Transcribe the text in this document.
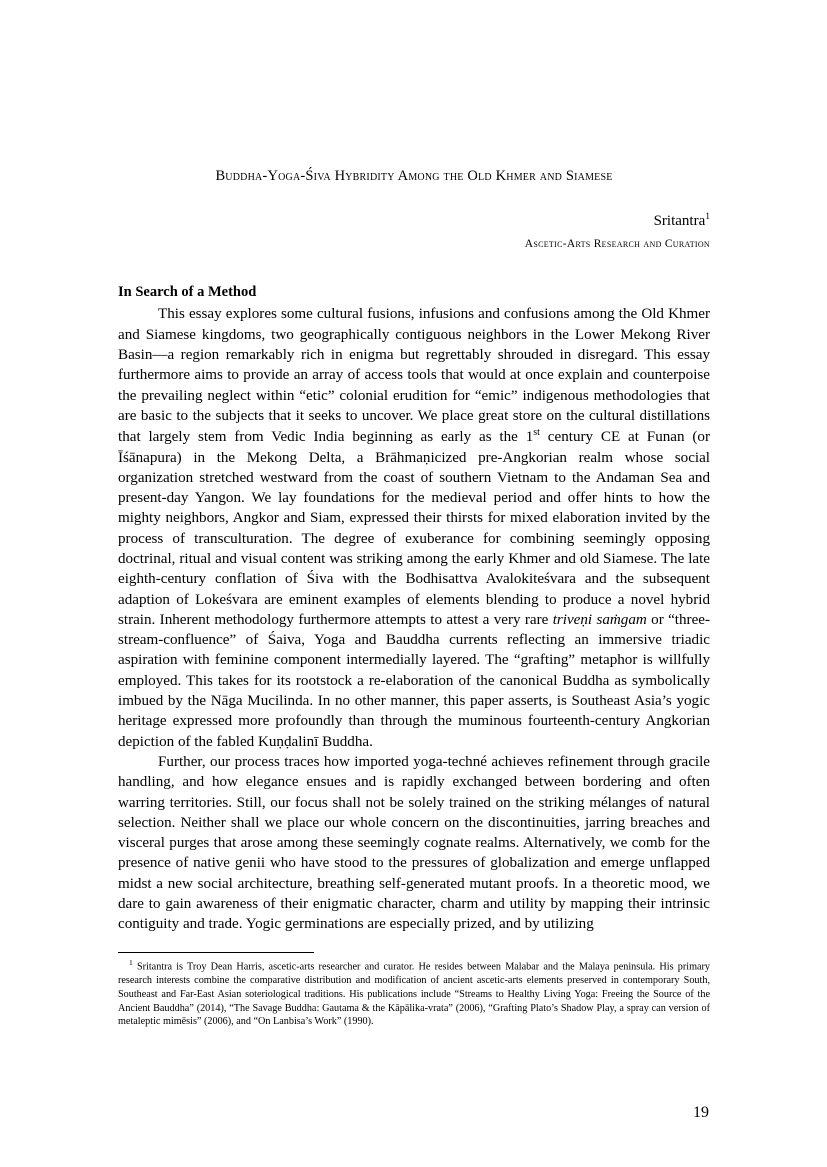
Buddha-Yoga-Śiva Hybridity Among the Old Khmer and Siamese
Sritantra$^1$
Ascetic-Arts Research and Curation
In Search of a Method

This essay explores some cultural fusions, infusions and confusions among the Old Khmer and Siamese kingdoms, two geographically contiguous neighbors in the Lower Mekong River Basin—a region remarkably rich in enigma but regrettably shrouded in disregard. This essay furthermore aims to provide an array of access tools that would at once explain and counterpoise the prevailing neglect within “etic” colonial erudition for “emic” indigenous methodologies that are basic to the subjects that it seeks to uncover. We place great store on the cultural distillations that largely stem from Vedic India beginning as early as the 1st century CE at Funan (or Īśānapura) in the Mekong Delta, a Brāhmaṇicized pre-Angkorian realm whose social organization stretched westward from the coast of southern Vietnam to the Andaman Sea and present-day Yangon. We lay foundations for the medieval period and offer hints to how the mighty neighbors, Angkor and Siam, expressed their thirsts for mixed elaboration invited by the process of transculturation. The degree of exuberance for combining seemingly opposing doctrinal, ritual and visual content was striking among the early Khmer and old Siamese. The late eighth-century conflation of Śiva with the Bodhisattva Avalokiteśvara and the subsequent adaption of Lokeśvara are eminent examples of elements blending to produce a novel hybrid strain. Inherent methodology furthermore attempts to attest a very rare triveṇi saṁgam or “three-stream-confluence” of Śaiva, Yoga and Bauddha currents reflecting an immersive triadic aspiration with feminine component intermedially layered. The “grafting” metaphor is willfully employed. This takes for its rootstock a re-elaboration of the canonical Buddha as symbolically imbued by the Nāga Mucilinda. In no other manner, this paper asserts, is Southeast Asia’s yogic heritage expressed more profoundly than through the muminous fourteenth-century Angkorian depiction of the fabled Kuṇḍalinī Buddha.

Further, our process traces how imported yoga-techné achieves refinement through gracile handling, and how elegance ensues and is rapidly exchanged between bordering and often warring territories. Still, our focus shall not be solely trained on the striking mélanges of natural selection. Neither shall we place our whole concern on the discontinuities, jarring breaches and visceral purges that arose among these seemingly cognate realms. Alternatively, we comb for the presence of native genii who have stood to the pressures of globalization and emerge unflapped midst a new social architecture, breathing self-generated mutant proofs. In a theoretic mood, we dare to gain awareness of their enigmatic character, charm and utility by mapping their intrinsic contiguity and trade. Yogic germinations are especially prized, and by utilizing

$^1$ Sritantra is Troy Dean Harris, ascetic-arts researcher and curator. He resides between Malabar and the Malaya peninsula. His primary research interests combine the comparative distribution and modification of ancient ascetic-arts elements preserved in contemporary South, Southeast and Far-East Asian soteriological traditions. His publications include “Streams to Healthy Living Yoga: Freeing the Source of the Ancient Bauddha” (2014), “The Savage Buddha: Gautama & the Kāpālika-vrata” (2006), “Grafting Plato’s Shadow Play, a spray can version of metaleptic mimēsis” (2006), and “On Lanbisa’s Work” (1990).
19
